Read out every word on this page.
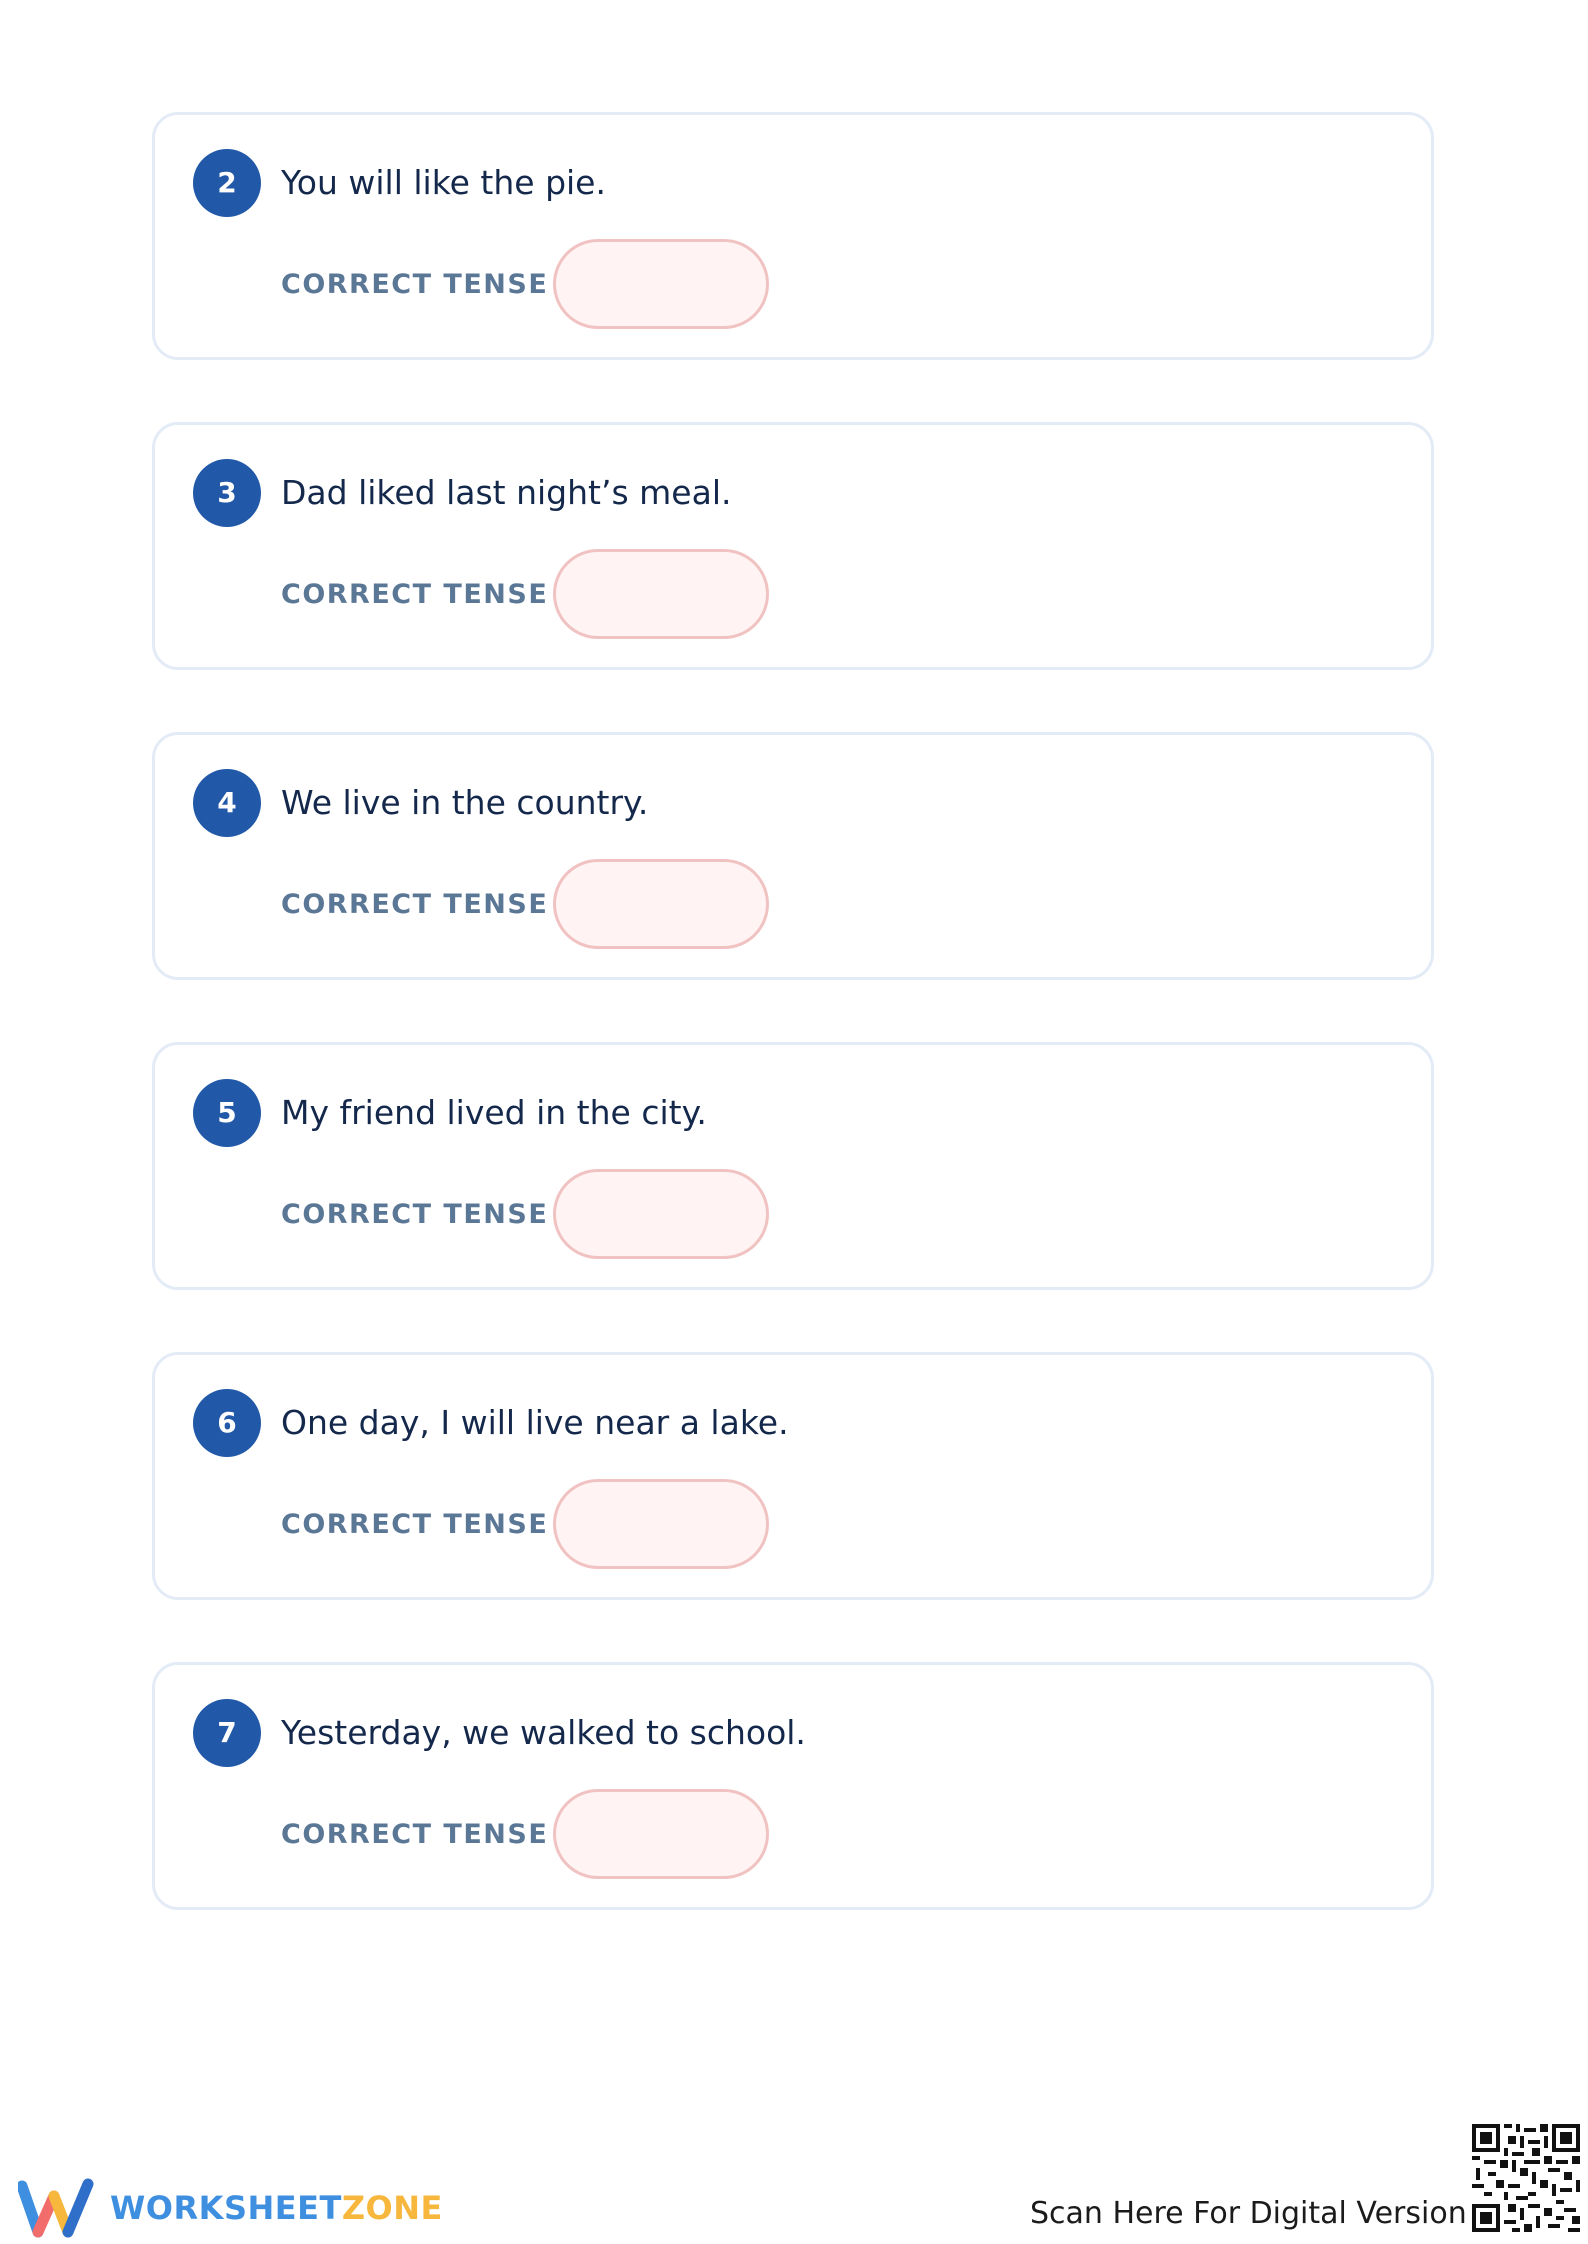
2	You will like the pie.
CORRECT TENSE
3	Dad liked last night’s meal.
CORRECT TENSE
4	We live in the country.
CORRECT TENSE
5	My friend lived in the city.
CORRECT TENSE
6	One day, I will live near a lake.
CORRECT TENSE
7	Yesterday, we walked to school.
CORRECT TENSE
WORKSHEETZONE	Scan Here For Digital Version
